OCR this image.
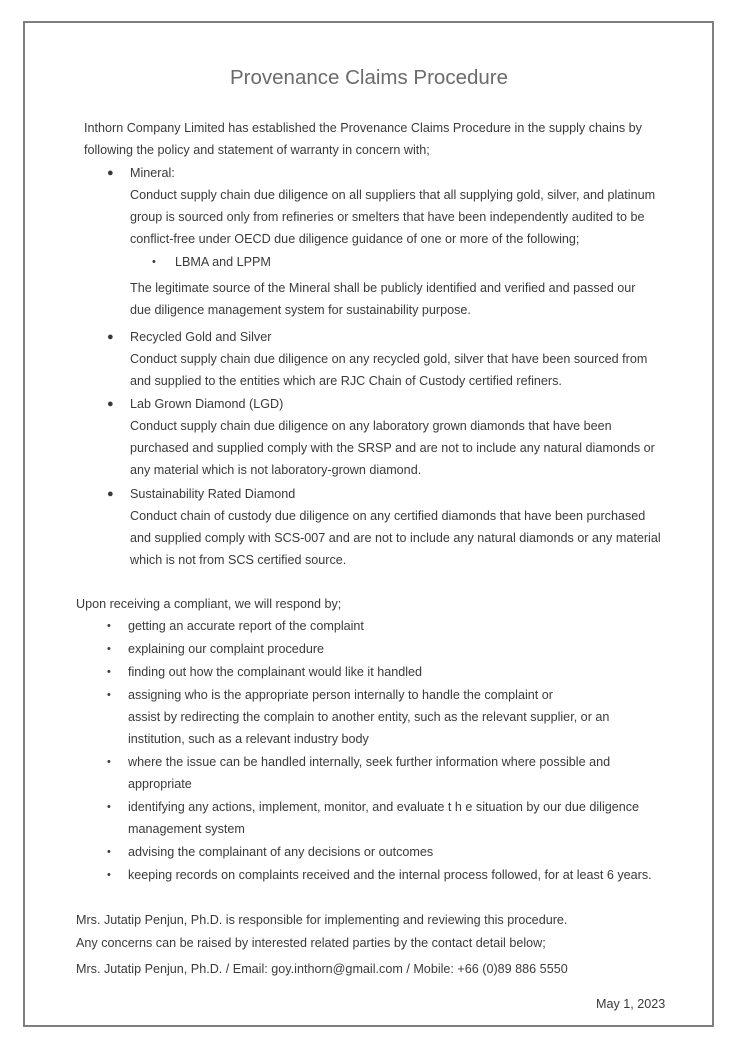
Provenance Claims Procedure

Inthorn Company Limited has established the Provenance Claims Procedure in the supply chains by

following the policy and statement of warranty in concern with;

● Mineral:

Conduct supply chain due diligence on all suppliers that all supplying gold, silver, and platinum

group is sourced only from refineries or smelters that have been independently audited to be

conflict-free under OECD due diligence guidance of one or more of the following;

• LBMA and LPPM

The legitimate source of the Mineral shall be publicly identified and verified and passed our

due diligence management system for sustainability purpose.

● Recycled Gold and Silver

Conduct supply chain due diligence on any recycled gold, silver that have been sourced from

and supplied to the entities which are RJC Chain of Custody certified refiners.

● Lab Grown Diamond (LGD)

Conduct supply chain due diligence on any laboratory grown diamonds that have been

purchased and supplied comply with the SRSP and are not to include any natural diamonds or

any material which is not laboratory-grown diamond.

● Sustainability Rated Diamond

Conduct chain of custody due diligence on any certified diamonds that have been purchased

and supplied comply with SCS-007 and are not to include any natural diamonds or any material

which is not from SCS certified source.

Upon receiving a compliant, we will respond by;

• getting an accurate report of the complaint

• explaining our complaint procedure

• finding out how the complainant would like it handled

• assigning who is the appropriate person internally to handle the complaint or

assist by redirecting the complain to another entity, such as the relevant supplier, or an

institution, such as a relevant industry body

• where the issue can be handled internally, seek further information where possible and

appropriate

• identifying any actions, implement, monitor, and evaluate t h e situation by our due diligence

management system

• advising the complainant of any decisions or outcomes

• keeping records on complaints received and the internal process followed, for at least 6 years.

Mrs. Jutatip Penjun, Ph.D. is responsible for implementing and reviewing this procedure.

Any concerns can be raised by interested related parties by the contact detail below;

Mrs. Jutatip Penjun, Ph.D. / Email: goy.inthorn@gmail.com / Mobile: +66 (0)89 886 5550

May 1, 2023
